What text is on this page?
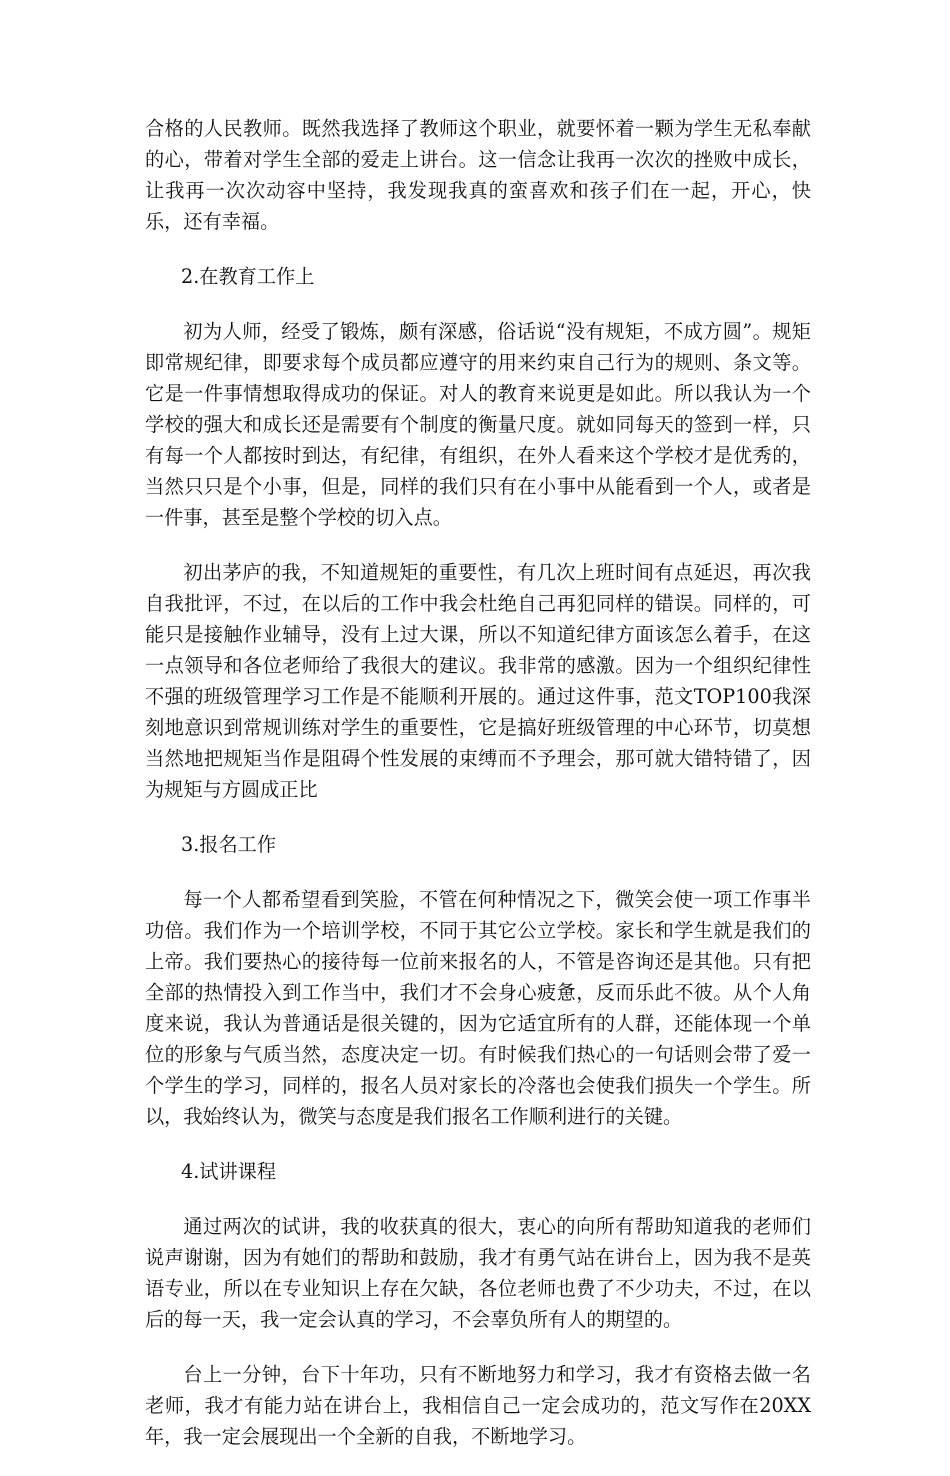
合格的人民教师。既然我选择了教师这个职业，就要怀着一颗为学生无私奉献的心，带着对学生全部的爱走上讲台。这一信念让我再一次次的挫败中成长，让我再一次次动容中坚持，我发现我真的蛮喜欢和孩子们在一起，开心，快乐，还有幸福。

2.在教育工作上

初为人师，经受了锻炼，颇有深感，俗话说“没有规矩，不成方圆”。规矩即常规纪律，即要求每个成员都应遵守的用来约束自己行为的规则、条文等。它是一件事情想取得成功的保证。对人的教育来说更是如此。所以我认为一个学校的强大和成长还是需要有个制度的衡量尺度。就如同每天的签到一样，只有每一个人都按时到达，有纪律，有组织，在外人看来这个学校才是优秀的，当然只只是个小事，但是，同样的我们只有在小事中从能看到一个人，或者是一件事，甚至是整个学校的切入点。

初出茅庐的我，不知道规矩的重要性，有几次上班时间有点延迟，再次我自我批评，不过，在以后的工作中我会杜绝自己再犯同样的错误。同样的，可能只是接触作业辅导，没有上过大课，所以不知道纪律方面该怎么着手，在这一点领导和各位老师给了我很大的建议。我非常的感激。因为一个组织纪律性不强的班级管理学习工作是不能顺利开展的。通过这件事，范文TOP100我深刻地意识到常规训练对学生的重要性，它是搞好班级管理的中心环节，切莫想当然地把规矩当作是阻碍个性发展的束缚而不予理会，那可就大错特错了，因为规矩与方圆成正比

3.报名工作

每一个人都希望看到笑脸，不管在何种情况之下，微笑会使一项工作事半功倍。我们作为一个培训学校，不同于其它公立学校。家长和学生就是我们的上帝。我们要热心的接待每一位前来报名的人，不管是咨询还是其他。只有把全部的热情投入到工作当中，我们才不会身心疲惫，反而乐此不彼。从个人角度来说，我认为普通话是很关键的，因为它适宜所有的人群，还能体现一个单位的形象与气质当然，态度决定一切。有时候我们热心的一句话则会带了爱一个学生的学习，同样的，报名人员对家长的冷落也会使我们损失一个学生。所以，我始终认为，微笑与态度是我们报名工作顺利进行的关键。

4.试讲课程

通过两次的试讲，我的收获真的很大，衷心的向所有帮助知道我的老师们说声谢谢，因为有她们的帮助和鼓励，我才有勇气站在讲台上，因为我不是英语专业，所以在专业知识上存在欠缺，各位老师也费了不少功夫，不过，在以后的每一天，我一定会认真的学习，不会辜负所有人的期望的。

台上一分钟，台下十年功，只有不断地努力和学习，我才有资格去做一名老师，我才有能力站在讲台上，我相信自己一定会成功的，范文写作在20XX年，我一定会展现出一个全新的自我，不断地学习。
